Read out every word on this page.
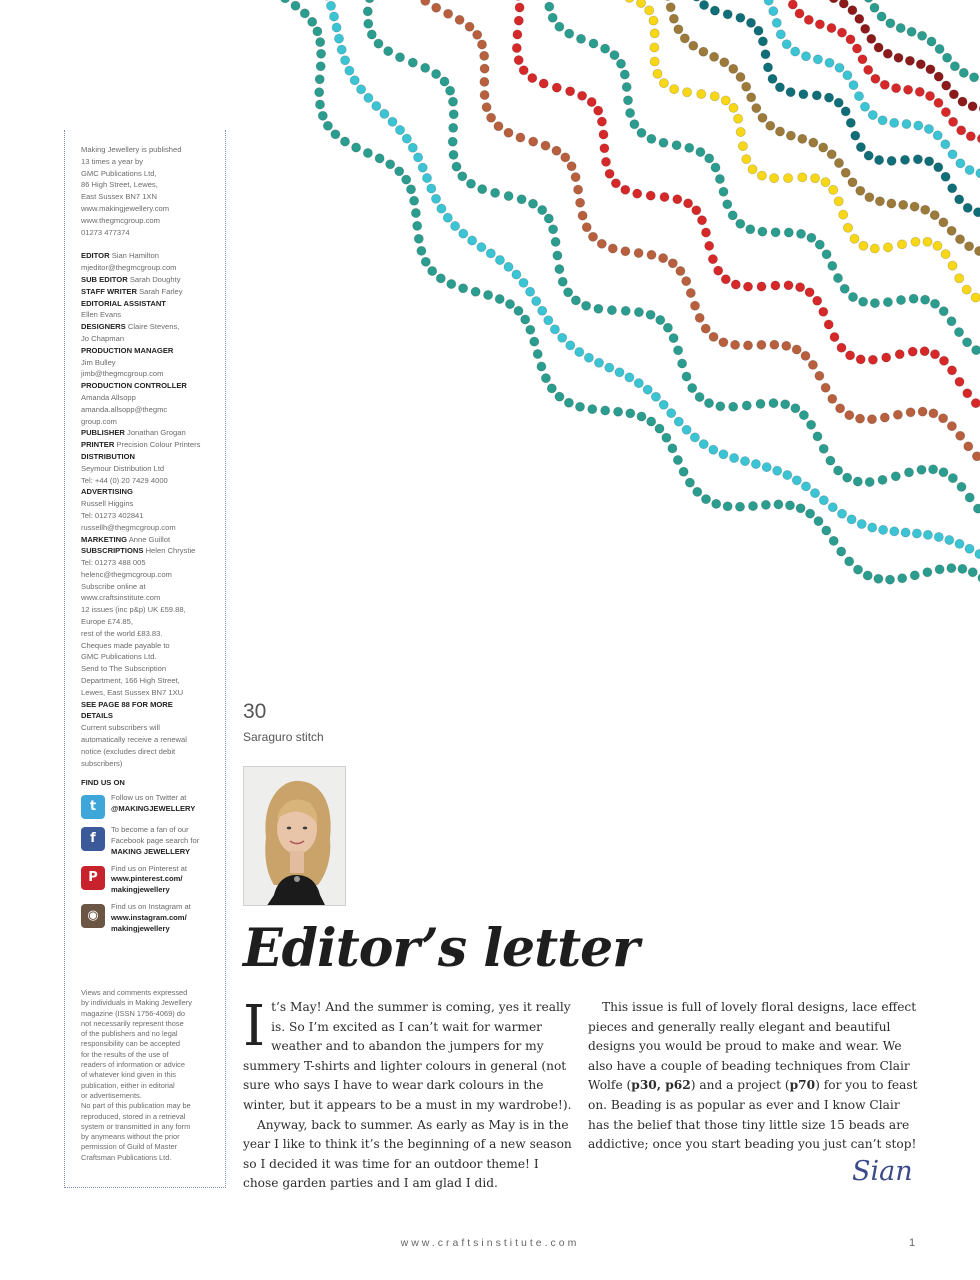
Making Jewellery is published
13 times a year by
GMC Publications Ltd,
86 High Street, Lewes,
East Sussex BN7 1XN
www.makingjewellery.com
www.thegmcgroup.com
01273 477374
EDITOR Sian Hamilton
mjeditor@thegmcgroup.com
SUB EDITOR Sarah Doughty
STAFF WRITER Sarah Farley
EDITORIAL ASSISTANT
Ellen Evans
DESIGNERS Claire Stevens,
Jo Chapman
PRODUCTION MANAGER
Jim Bulley
jimb@thegmcgroup.com
PRODUCTION CONTROLLER
Amanda Allsopp
amanda.allsopp@thegmc
group.com
PUBLISHER Jonathan Grogan
PRINTER Precision Colour Printers
DISTRIBUTION
Seymour Distribution Ltd
Tel: +44 (0) 20 7429 4000
ADVERTISING
Russell Higgins
Tel: 01273 402841
russellh@thegmcgroup.com
MARKETING Anne Guillot
SUBSCRIPTIONS Helen Chrystie
Tel: 01273 488 005
helenc@thegmcgroup.com
Subscribe online at
www.craftsinstitute.com
12 issues (inc p&p) UK £59.88,
Europe £74.85,
rest of the world £83.83.
Cheques made payable to
GMC Publications Ltd.
Send to The Subscription
Department, 166 High Street,
Lewes, East Sussex BN7 1XU
SEE PAGE 88 FOR MORE
DETAILS
Current subscribers will
automatically receive a renewal
notice (excludes direct debit
subscribers)
FIND US ON
t
Follow us on Twitter at
@MAKINGJEWELLERY
f
To become a fan of our
Facebook page search for
MAKING JEWELLERY
P
Find us on Pinterest at
www.pinterest.com/
makingjewellery
◉
Find us on Instagram at
www.instagram.com/
makingjewellery
Views and comments expressed
by individuals in Making Jewellery
magazine (ISSN 1756-4069) do
not necessarily represent those
of the publishers and no legal
responsibility can be accepted
for the results of the use of
readers of information or advice
of whatever kind given in this
publication, either in editorial
or advertisements.
No part of this publication may be
reproduced, stored in a retrieval
system or transmitted in any form
by anymeans without the prior
permission of Guild of Master
Craftsman Publications Ltd.
30
Saraguro stitch
Editor’s letter

It’s May! And the summer is coming, yes it really is. So I’m excited as I can’t wait for warmer weather and to abandon the jumpers for my summery T-shirts and lighter colours in general (not sure who says I have to wear dark colours in the winter, but it appears to be a must in my wardrobe!).

Anyway, back to summer. As early as May is in the year I like to think it’s the beginning of a new season so I decided it was time for an outdoor theme! I chose garden parties and I am glad I did.

This issue is full of lovely floral designs, lace effect pieces and generally really elegant and beautiful designs you would be proud to make and wear. We also have a couple of beading techniques from Clair Wolfe (p30, p62) and a project (p70) for you to feast on. Beading is as popular as ever and I know Clair has the belief that those tiny little size 15 beads are addictive; once you start beading you just can’t stop!

Sian
www.craftsinstitute.com	1
